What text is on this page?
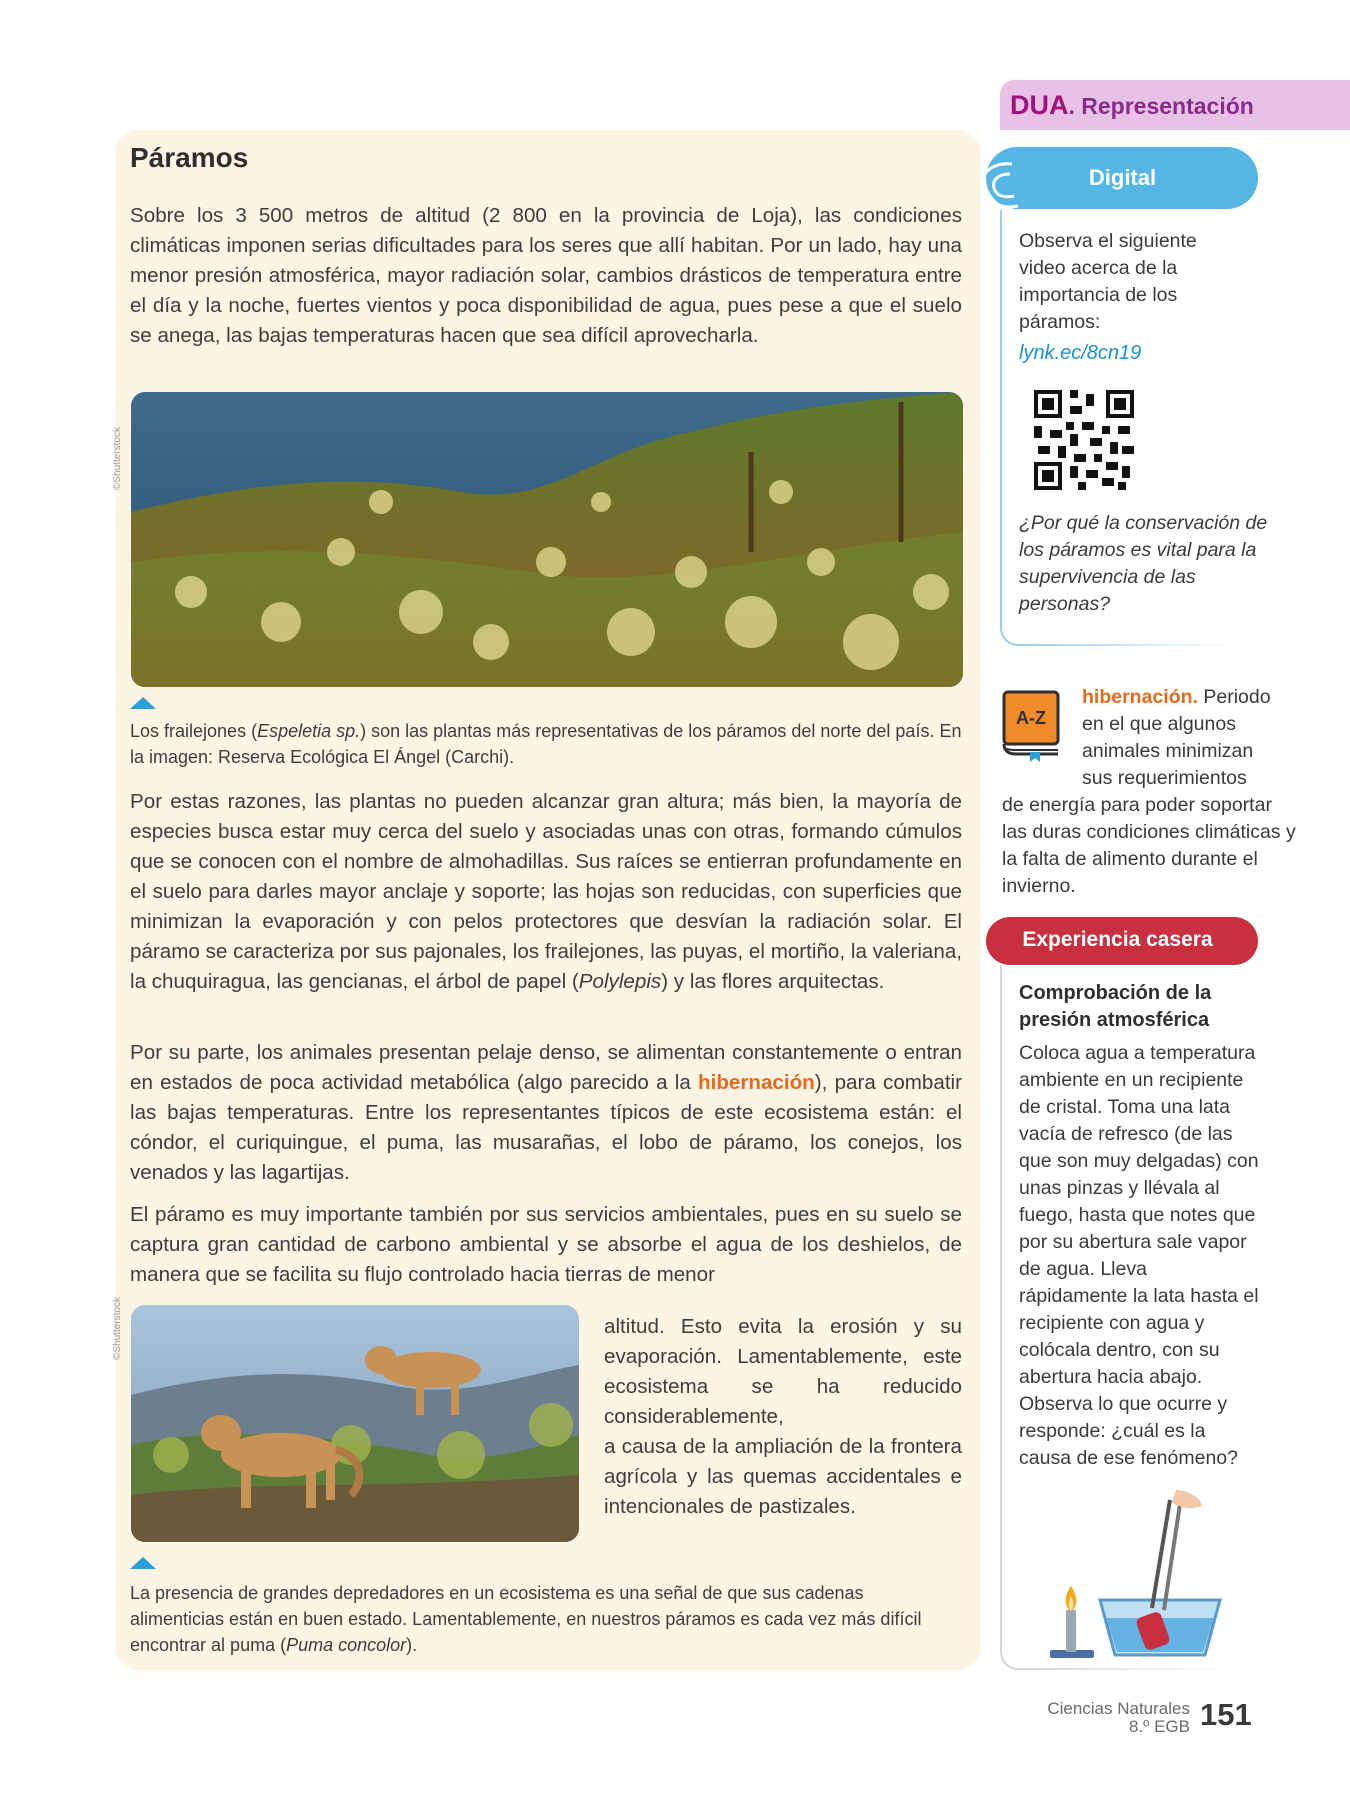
Páramos

Sobre los 3 500 metros de altitud (2 800 en la provincia de Loja), las condiciones climáticas imponen serias dificultades para los seres que allí habitan. Por un lado, hay una menor presión atmosférica, mayor radiación solar, cambios drásticos de temperatura entre el día y la noche, fuertes vientos y poca disponibilidad de agua, pues pese a que el suelo se anega, las bajas temperaturas hacen que sea difícil aprovecharla.

©Shutterstock

Los frailejones (Espeletia sp.) son las plantas más representativas de los páramos del norte del país. En la imagen: Reserva Ecológica El Ángel (Carchi).

Por estas razones, las plantas no pueden alcanzar gran altura; más bien, la mayoría de especies busca estar muy cerca del suelo y asociadas unas con otras, formando cúmulos que se conocen con el nombre de almohadillas. Sus raíces se entierran profundamente en el suelo para darles mayor anclaje y soporte; las hojas son reducidas, con superficies que minimizan la evaporación y con pelos protectores que desvían la radiación solar. El páramo se caracteriza por sus pajonales, los frailejones, las puyas, el mortiño, la valeriana, la chuquiragua, las gencianas, el árbol de papel (Polylepis) y las flores arquitectas.

Por su parte, los animales presentan pelaje denso, se alimentan constantemente o entran en estados de poca actividad metabólica (algo parecido a la hibernación), para combatir las bajas temperaturas. Entre los representantes típicos de este ecosistema están: el cóndor, el curiquingue, el puma, las musarañas, el lobo de páramo, los conejos, los venados y las lagartijas.

El páramo es muy importante también por sus servicios ambientales, pues en su suelo se captura gran cantidad de carbono ambiental y se absorbe el agua de los deshielos, de manera que se facilita su flujo controlado hacia tierras de menor

©Shutterstock	altitud. Esto evita la erosión y su evaporación. Lamentablemente, este ecosistema se ha reducido considerablemente,
a causa de la ampliación de la frontera agrícola y las quemas accidentales e intencionales de pastizales.

La presencia de grandes depredadores en un ecosistema es una señal de que sus cadenas alimenticias están en buen estado. Lamentablemente, en nuestros páramos es cada vez más difícil encontrar al puma (Puma concolor).

DUA. Representación
Digital

Observa el siguiente video acerca de la importancia de los páramos:

lynk.ec/8cn19

¿Por qué la conservación de los páramos es vital para la supervivencia de las personas?

A-Z

hibernación. Periodo en el que algunos animales minimizan sus requerimientos

de energía para poder soportar las duras condiciones climáticas y la falta de alimento durante el invierno.

Experiencia casera
Comprobación de la presión atmosférica

Coloca agua a temperatura ambiente en un recipiente de cristal. Toma una lata vacía de refresco (de las que son muy delgadas) con unas pinzas y llévala al fuego, hasta que notes que por su abertura sale vapor de agua. Lleva rápidamente la lata hasta el recipiente con agua y colócala dentro, con su abertura hacia abajo. Observa lo que ocurre y responde: ¿cuál es la causa de ese fenómeno?

Ciencias Naturales
8.º EGB 151
